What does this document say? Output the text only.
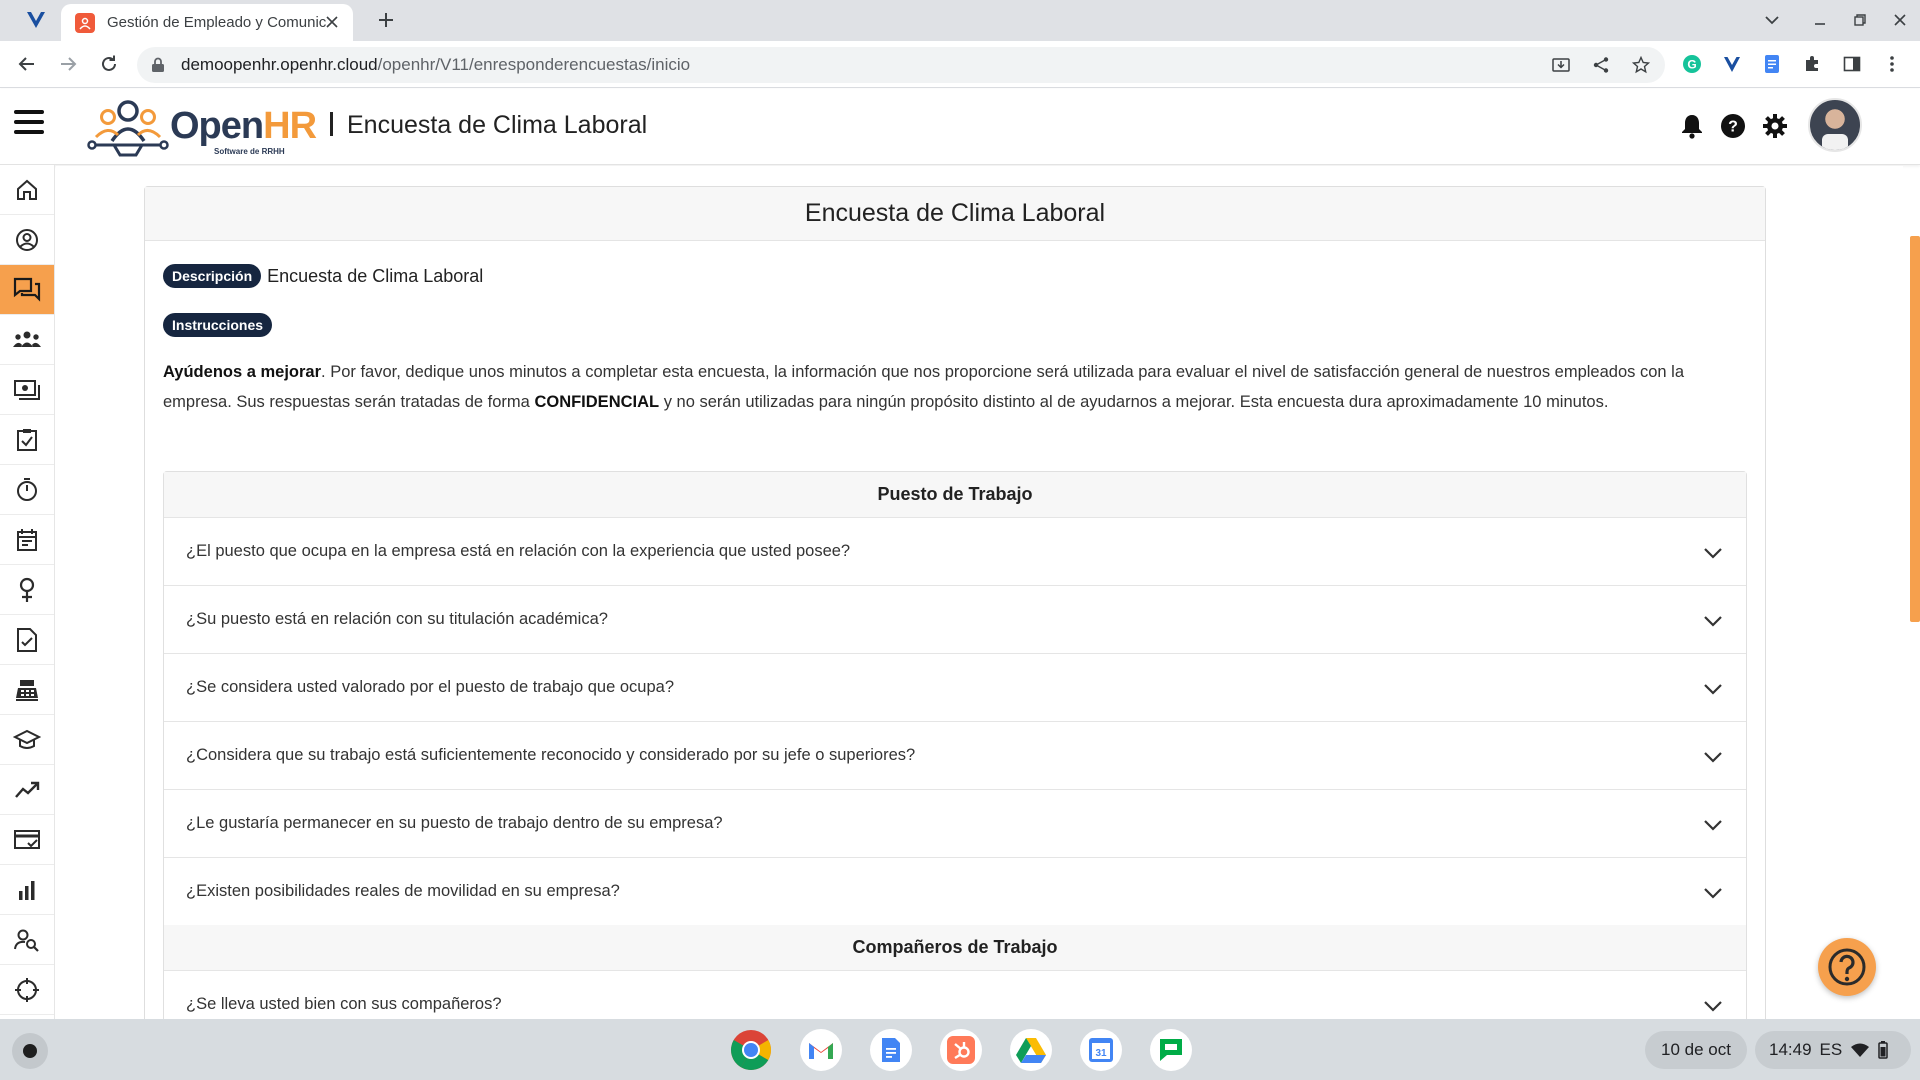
Gestión de Empleado y Comunic
demoopenhr.openhr.cloud/openhr/V11/enresponderencuestas/inicio	G
OpenHR
Software de RRHH
Encuesta de Clima Laboral	?
Encuesta de Clima Laboral
Descripción Encuesta de Clima Laboral
Instrucciones

Ayúdenos a mejorar. Por favor, dedique unos minutos a completar esta encuesta, la información que nos proporcione será utilizada para evaluar el nivel de satisfacción general de nuestros empleados con la empresa. Sus respuestas serán tratadas de forma CONFIDENCIAL y no serán utilizadas para ningún propósito distinto al de ayudarnos a mejorar. Esta encuesta dura aproximadamente 10 minutos.

Puesto de Trabajo
¿El puesto que ocupa en la empresa está en relación con la experiencia que usted posee?
¿Su puesto está en relación con su titulación académica?
¿Se considera usted valorado por el puesto de trabajo que ocupa?
¿Considera que su trabajo está suficientemente reconocido y considerado por su jefe o superiores?
¿Le gustaría permanecer en su puesto de trabajo dentro de su empresa?
¿Existen posibilidades reales de movilidad en su empresa?
Compañeros de Trabajo
¿Se lleva usted bien con sus compañeros?
31	10 de oct	14:49 ES
